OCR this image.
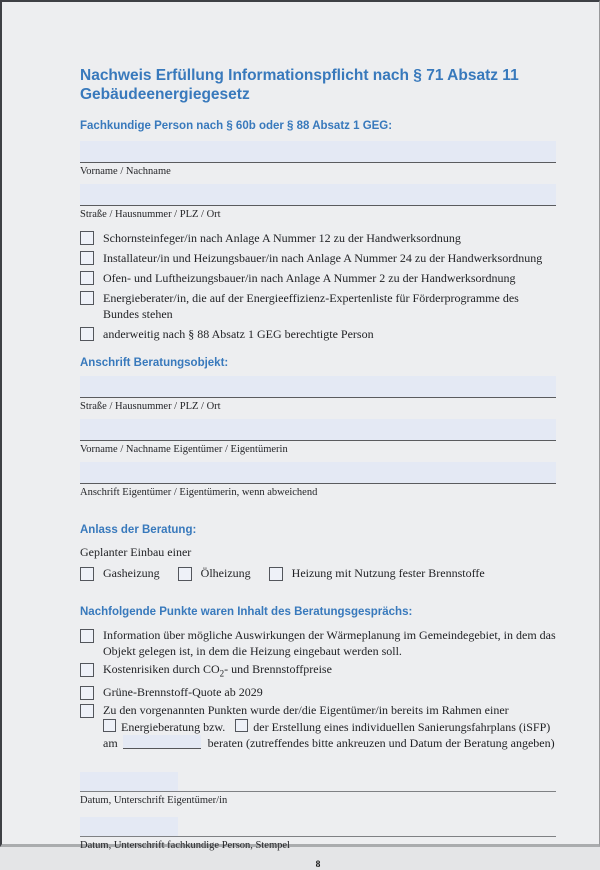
Nachweis Erfüllung Informationspflicht nach § 71 Absatz 11 Gebäudeenergiegesetz
Fachkundige Person nach § 60b oder § 88 Absatz 1 GEG:
Vorname / Nachname
Straße / Hausnummer / PLZ / Ort
Schornsteinfeger/in nach Anlage A Nummer 12 zu der Handwerksordnung
Installateur/in und Heizungsbauer/in nach Anlage A Nummer 24 zu der Handwerksordnung
Ofen- und Luftheizungsbauer/in nach Anlage A Nummer 2 zu der Handwerksordnung
Energieberater/in, die auf der Energieeffizienz-Expertenliste für Förderprogramme des Bundes stehen
anderweitig nach § 88 Absatz 1 GEG berechtigte Person
Anschrift Beratungsobjekt:
Straße / Hausnummer / PLZ / Ort
Vorname / Nachname Eigentümer / Eigentümerin
Anschrift Eigentümer / Eigentümerin, wenn abweichend
Anlass der Beratung:
Geplanter Einbau einer
Gasheizung	Ölheizung	Heizung mit Nutzung fester Brennstoffe
Nachfolgende Punkte waren Inhalt des Beratungsgesprächs:
Information über mögliche Auswirkungen der Wärmeplanung im Gemeindegebiet, in dem das Objekt gelegen ist, in dem die Heizung eingebaut werden soll.
Kostenrisiken durch $CO_2-$ und Brennstoffpreise
Grüne-Brennstoff-Quote ab 2029
Zu den vorgenannten Punkten wurde der/die Eigentümer/in bereits im Rahmen einer
Energieberatung bzw. der Erstellung eines individuellen Sanierungsfahrplans (iSFP)
am	beraten (zutreffendes bitte ankreuzen und Datum der Beratung angeben)
Datum, Unterschrift Eigentümer/in
Datum, Unterschrift fachkundige Person, Stempel
8
